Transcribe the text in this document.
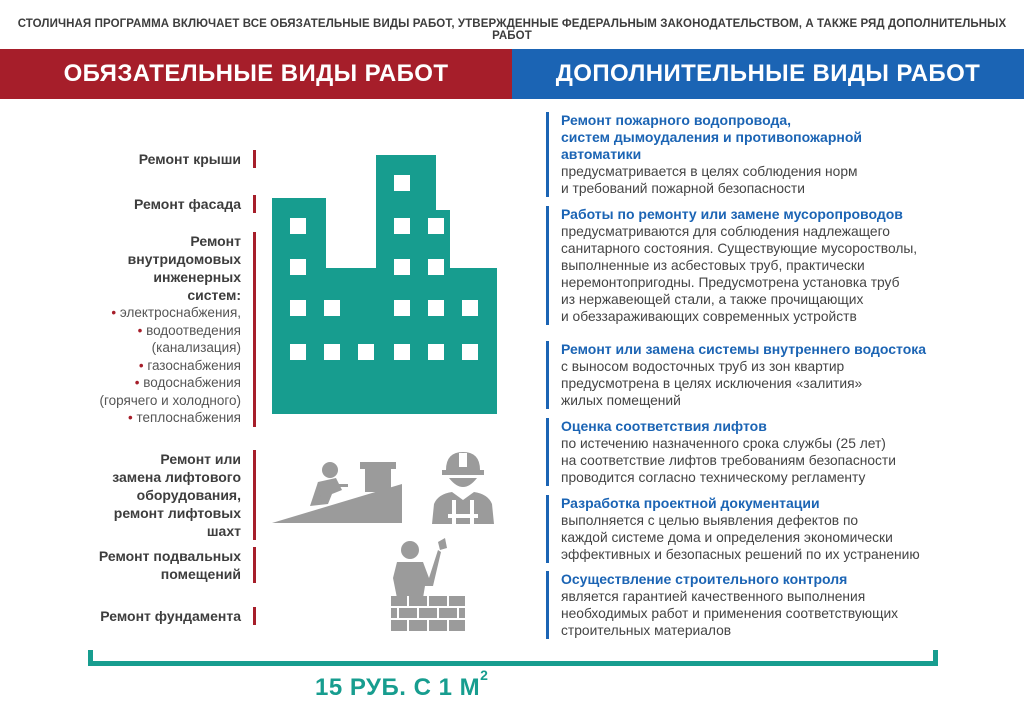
СТОЛИЧНАЯ ПРОГРАММА ВКЛЮЧАЕТ ВСЕ ОБЯЗАТЕЛЬНЫЕ ВИДЫ РАБОТ, УТВЕРЖДЕННЫЕ ФЕДЕРАЛЬНЫМ ЗАКОНОДАТЕЛЬСТВОМ, А ТАКЖЕ РЯД ДОПОЛНИТЕЛЬНЫХ РАБОТ
ОБЯЗАТЕЛЬНЫЕ ВИДЫ РАБОТ	ДОПОЛНИТЕЛЬНЫЕ ВИДЫ РАБОТ
Ремонт крыши
Ремонт фасада
Ремонт
внутридомовых
инженерных
систем:
• электроснабжения,
• водоотведения
(канализация)
• газоснабжения
• водоснабжения
(горячего и холодного)
• теплоснабжения
Ремонт или
замена лифтового
оборудования,
ремонт лифтовых
шахт
Ремонт подвальных
помещений
Ремонт фундамента
Ремонт пожарного водопровода,
систем дымоудаления и противопожарной
автоматики
предусматривается в целях соблюдения норм
и требований пожарной безопасности
Работы по ремонту или замене мусоропроводов
предусматриваются для соблюдения надлежащего
санитарного состояния. Существующие мусоростволы,
выполненные из асбестовых труб, практически
неремонтопригодны. Предусмотрена установка труб
из нержавеющей стали, а также прочищающих
и обеззараживающих современных устройств
Ремонт или замена системы внутреннего водостока
с выносом водосточных труб из зон квартир
предусмотрена в целях исключения «залития»
жилых помещений
Оценка соответствия лифтов
по истечению назначенного срока службы (25 лет)
на соответствие лифтов требованиям безопасности
проводится согласно техническому регламенту
Разработка проектной документации
выполняется с целью выявления дефектов по
каждой системе дома и определения экономически
эффективных и безопасных решений по их устранению
Осуществление строительного контроля
является гарантией качественного выполнения
необходимых работ и применения соответствующих
строительных материалов
15 РУБ. С 1 $М^2$
